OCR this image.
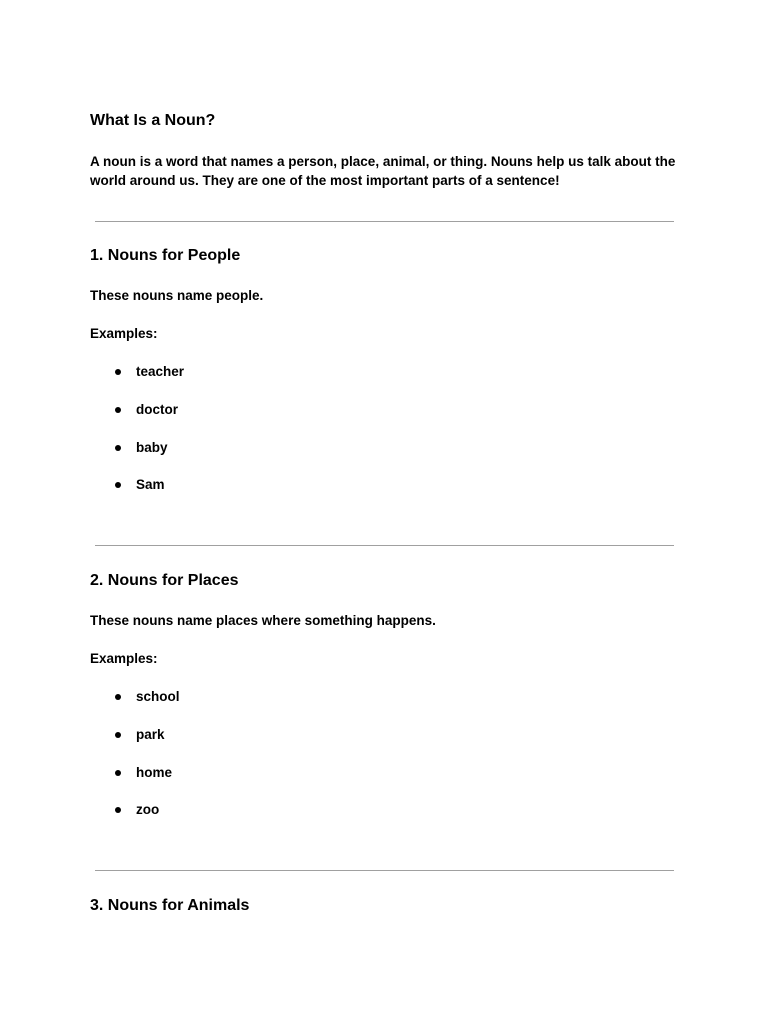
What Is a Noun?

A noun is a word that names a person, place, animal, or thing. Nouns help us talk about the world around us. They are one of the most important parts of a sentence!

1. Nouns for People

These nouns name people.

Examples:

teacher
doctor
baby
Sam
2. Nouns for Places

These nouns name places where something happens.

Examples:

school
park
home
zoo
3. Nouns for Animals
